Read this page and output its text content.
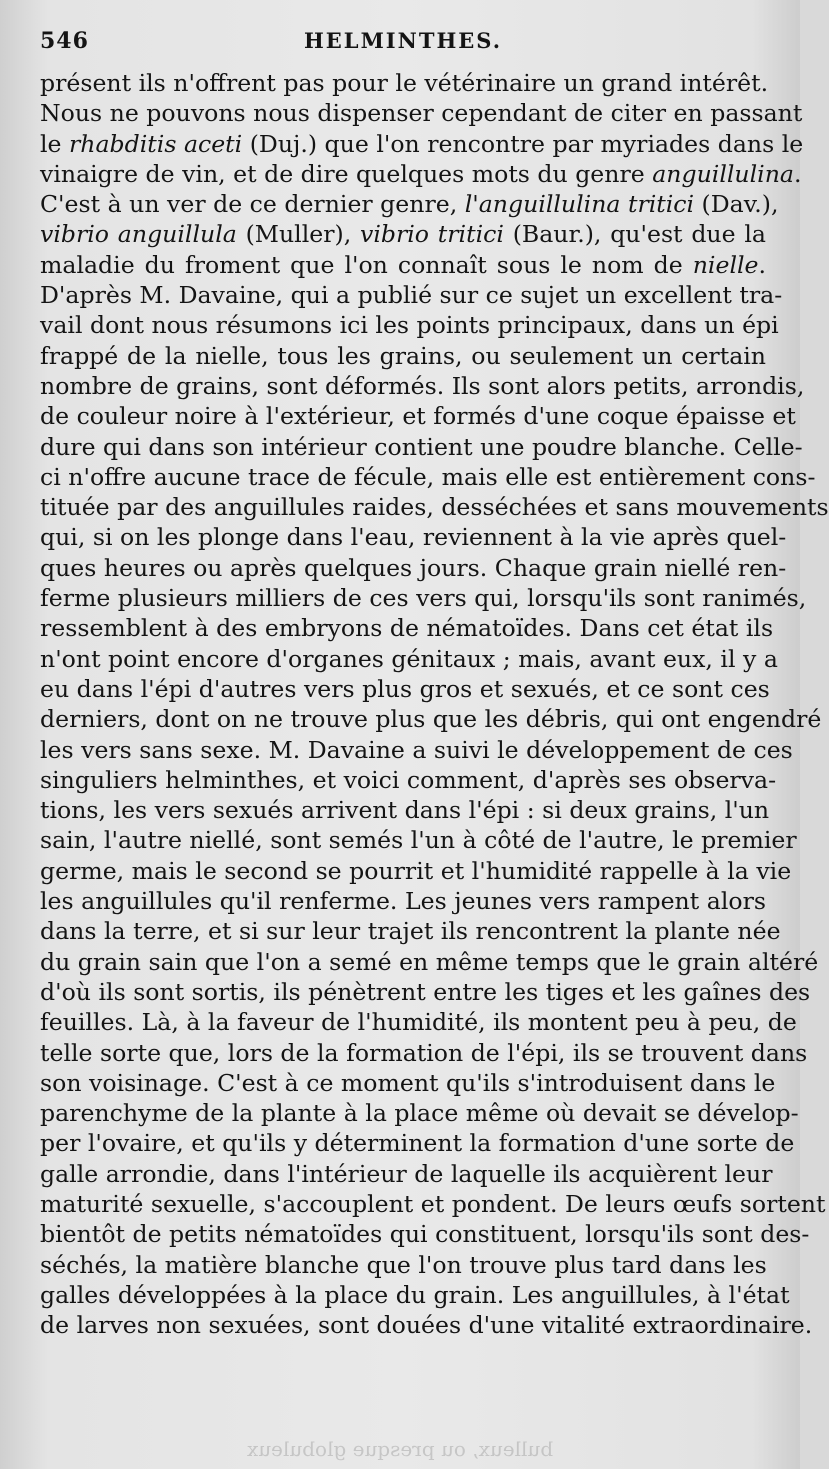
546	HELMINTHES.
présent ils n'offrent pas pour le vétérinaire un grand intérêt.
Nous ne pouvons nous dispenser cependant de citer en passant
le rhabditis aceti (Duj.) que l'on rencontre par myriades dans le
vinaigre de vin, et de dire quelques mots du genre anguillulina.
C'est à un ver de ce dernier genre, l'anguillulina tritici (Dav.),
vibrio anguillula (Muller), vibrio tritici (Baur.), qu'est due la
maladie du froment que l'on connaît sous le nom de nielle.
D'après M. Davaine, qui a publié sur ce sujet un excellent tra-
vail dont nous résumons ici les points principaux, dans un épi
frappé de la nielle, tous les grains, ou seulement un certain
nombre de grains, sont déformés. Ils sont alors petits, arrondis,
de couleur noire à l'extérieur, et formés d'une coque épaisse et
dure qui dans son intérieur contient une poudre blanche. Celle-
ci n'offre aucune trace de fécule, mais elle est entièrement cons-
tituée par des anguillules raides, desséchées et sans mouvements
qui, si on les plonge dans l'eau, reviennent à la vie après quel-
ques heures ou après quelques jours. Chaque grain niellé ren-
ferme plusieurs milliers de ces vers qui, lorsqu'ils sont ranimés,
ressemblent à des embryons de nématoïdes. Dans cet état ils
n'ont point encore d'organes génitaux ; mais, avant eux, il y a
eu dans l'épi d'autres vers plus gros et sexués, et ce sont ces
derniers, dont on ne trouve plus que les débris, qui ont engendré
les vers sans sexe. M. Davaine a suivi le développement de ces
singuliers helminthes, et voici comment, d'après ses observa-
tions, les vers sexués arrivent dans l'épi : si deux grains, l'un
sain, l'autre niellé, sont semés l'un à côté de l'autre, le premier
germe, mais le second se pourrit et l'humidité rappelle à la vie
les anguillules qu'il renferme. Les jeunes vers rampent alors
dans la terre, et si sur leur trajet ils rencontrent la plante née
du grain sain que l'on a semé en même temps que le grain altéré
d'où ils sont sortis, ils pénètrent entre les tiges et les gaînes des
feuilles. Là, à la faveur de l'humidité, ils montent peu à peu, de
telle sorte que, lors de la formation de l'épi, ils se trouvent dans
son voisinage. C'est à ce moment qu'ils s'introduisent dans le
parenchyme de la plante à la place même où devait se dévelop-
per l'ovaire, et qu'ils y déterminent la formation d'une sorte de
galle arrondie, dans l'intérieur de laquelle ils acquièrent leur
maturité sexuelle, s'accouplent et pondent. De leurs œufs sortent
bientôt de petits nématoïdes qui constituent, lorsqu'ils sont des-
séchés, la matière blanche que l'on trouve plus tard dans les
galles développées à la place du grain. Les anguillules, à l'état
de larves non sexuées, sont douées d'une vitalité extraordinaire.
bulleux, ou presque globuleux
